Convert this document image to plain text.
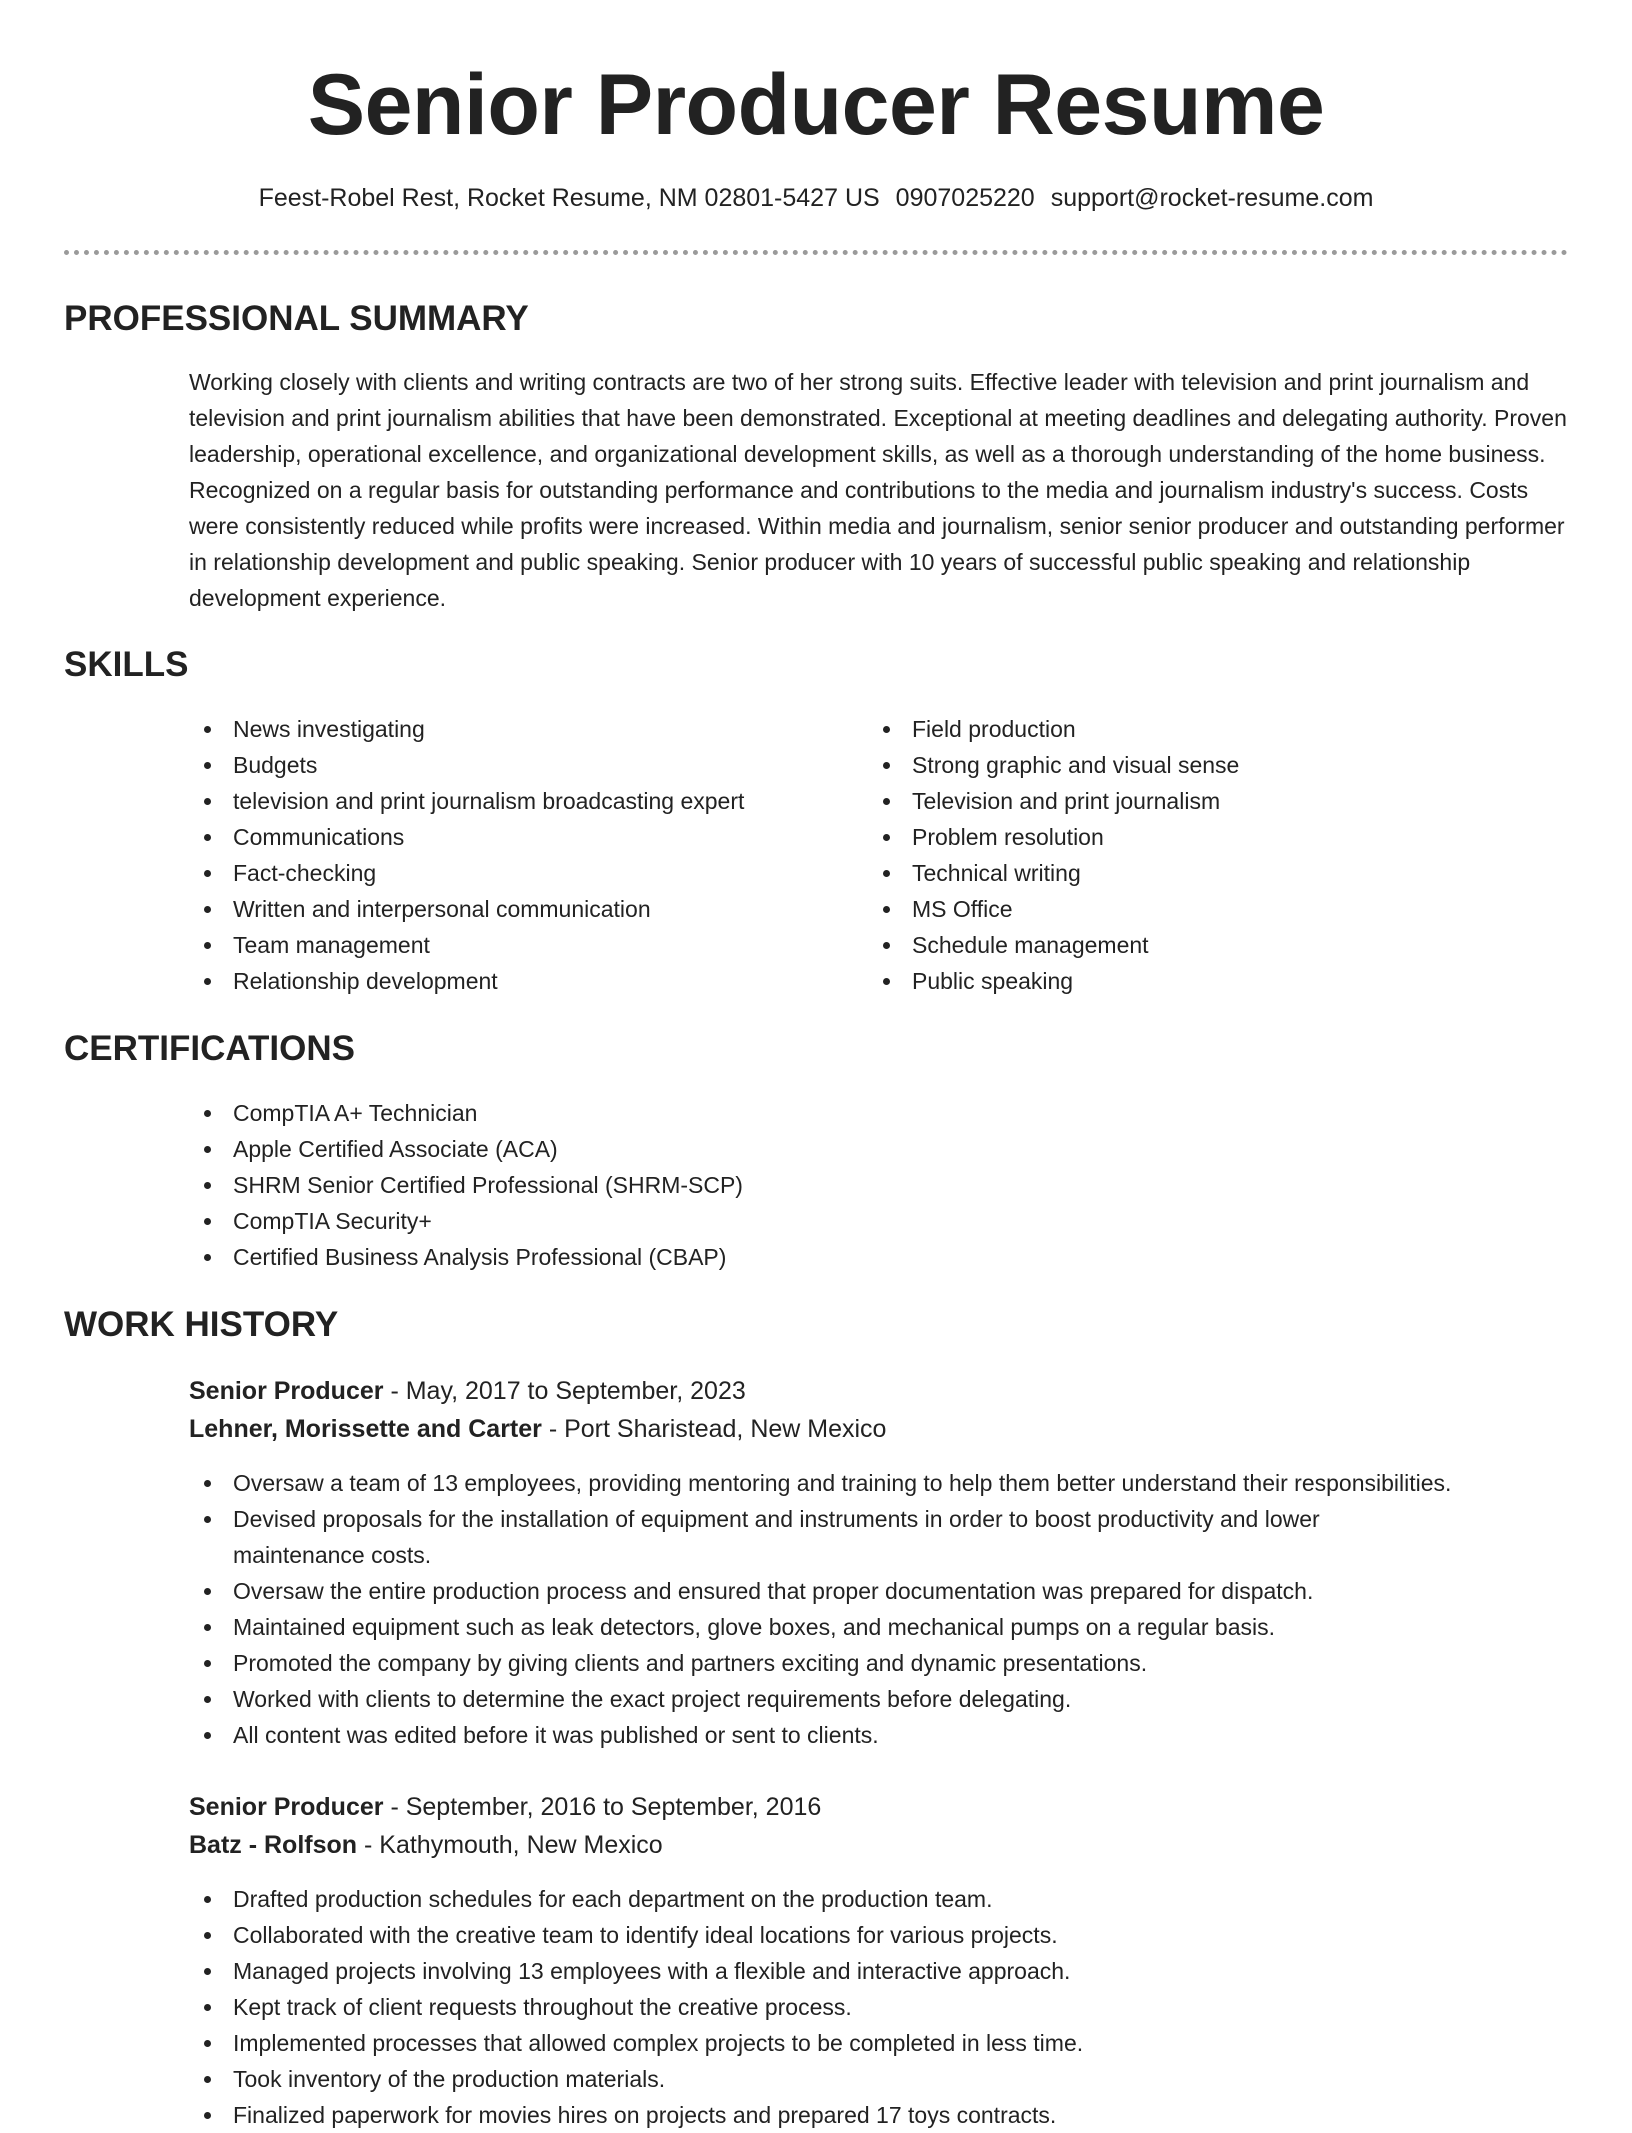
Senior Producer Resume
Feest-Robel Rest, Rocket Resume, NM 02801-5427 US 0907025220 support@rocket-resume.com
PROFESSIONAL SUMMARY

Working closely with clients and writing contracts are two of her strong suits. Effective leader with television and print journalism and television and print journalism abilities that have been demonstrated. Exceptional at meeting deadlines and delegating authority. Proven leadership, operational excellence, and organizational development skills, as well as a thorough understanding of the home business. Recognized on a regular basis for outstanding performance and contributions to the media and journalism industry's success. Costs were consistently reduced while profits were increased. Within media and journalism, senior senior producer and outstanding performer in relationship development and public speaking. Senior producer with 10 years of successful public speaking and relationship development experience.

SKILLS
News investigating
Budgets
television and print journalism broadcasting expert
Communications
Fact-checking
Written and interpersonal communication
Team management
Relationship development
Field production
Strong graphic and visual sense
Television and print journalism
Problem resolution
Technical writing
MS Office
Schedule management
Public speaking
CERTIFICATIONS
CompTIA A+ Technician
Apple Certified Associate (ACA)
SHRM Senior Certified Professional (SHRM-SCP)
CompTIA Security+
Certified Business Analysis Professional (CBAP)
WORK HISTORY
Senior Producer - May, 2017 to September, 2023
Lehner, Morissette and Carter - Port Sharistead, New Mexico
Oversaw a team of 13 employees, providing mentoring and training to help them better understand their responsibilities.
Devised proposals for the installation of equipment and instruments in order to boost productivity and lower maintenance costs.
Oversaw the entire production process and ensured that proper documentation was prepared for dispatch.
Maintained equipment such as leak detectors, glove boxes, and mechanical pumps on a regular basis.
Promoted the company by giving clients and partners exciting and dynamic presentations.
Worked with clients to determine the exact project requirements before delegating.
All content was edited before it was published or sent to clients.
Senior Producer - September, 2016 to September, 2016
Batz - Rolfson - Kathymouth, New Mexico
Drafted production schedules for each department on the production team.
Collaborated with the creative team to identify ideal locations for various projects.
Managed projects involving 13 employees with a flexible and interactive approach.
Kept track of client requests throughout the creative process.
Implemented processes that allowed complex projects to be completed in less time.
Took inventory of the production materials.
Finalized paperwork for movies hires on projects and prepared 17 toys contracts.
